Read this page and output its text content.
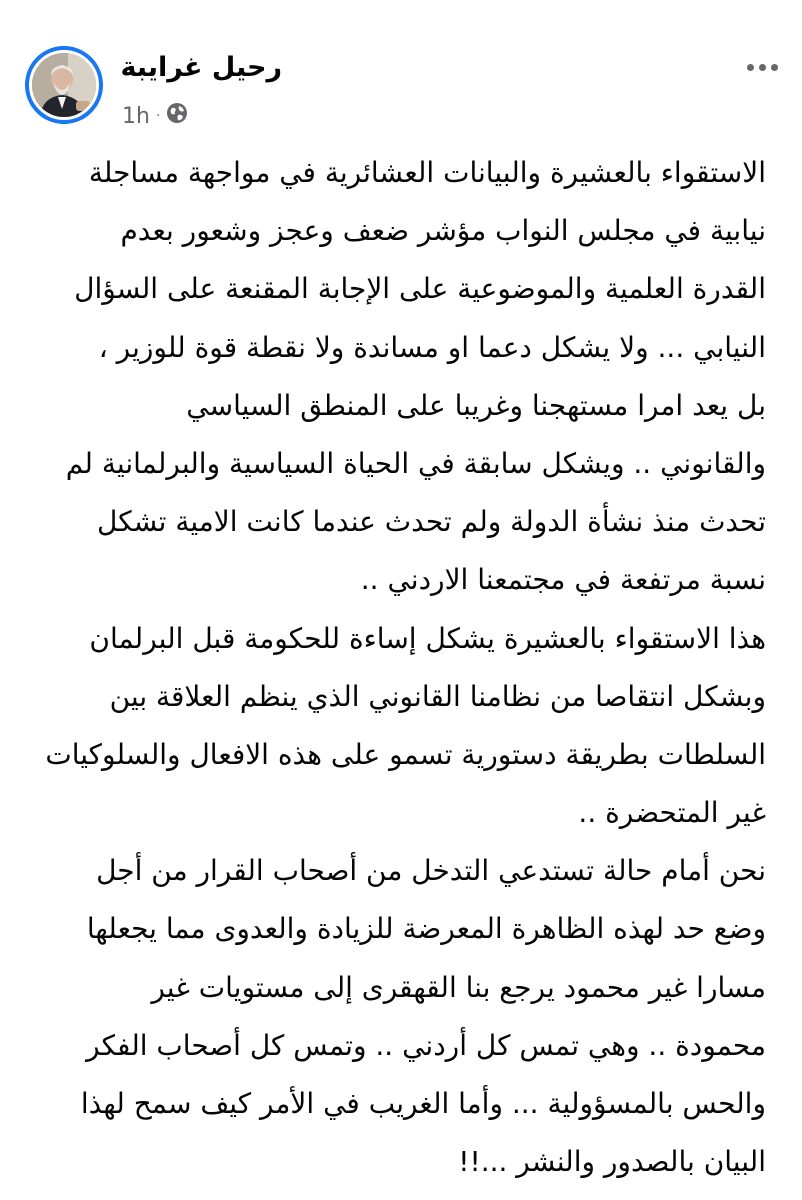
رحيل غرايبة
1h ·
الاستقواء بالعشيرة والبيانات العشائرية في مواجهة مساجلة
نيابية في مجلس النواب مؤشر ضعف وعجز وشعور بعدم
القدرة العلمية والموضوعية على الإجابة المقنعة على السؤال
النيابي ... ولا يشكل دعما او مساندة ولا نقطة قوة للوزير ،
بل يعد امرا مستهجنا وغريبا على المنطق السياسي
والقانوني .. ويشكل سابقة في الحياة السياسية والبرلمانية لم
تحدث منذ نشأة الدولة ولم تحدث عندما كانت الامية تشكل
نسبة مرتفعة في مجتمعنا الاردني ..
هذا الاستقواء بالعشيرة يشكل إساءة للحكومة قبل البرلمان
وبشكل انتقاصا من نظامنا القانوني الذي ينظم العلاقة بين
السلطات بطريقة دستورية تسمو على هذه الافعال والسلوكيات
غير المتحضرة ..
نحن أمام حالة تستدعي التدخل من أصحاب القرار من أجل
وضع حد لهذه الظاهرة المعرضة للزيادة والعدوى مما يجعلها
مسارا غير محمود يرجع بنا القهقرى إلى مستويات غير
محمودة .. وهي تمس كل أردني .. وتمس كل أصحاب الفكر
والحس بالمسؤولية ... وأما الغريب في الأمر كيف سمح لهذا
البيان بالصدور والنشر ...!!
